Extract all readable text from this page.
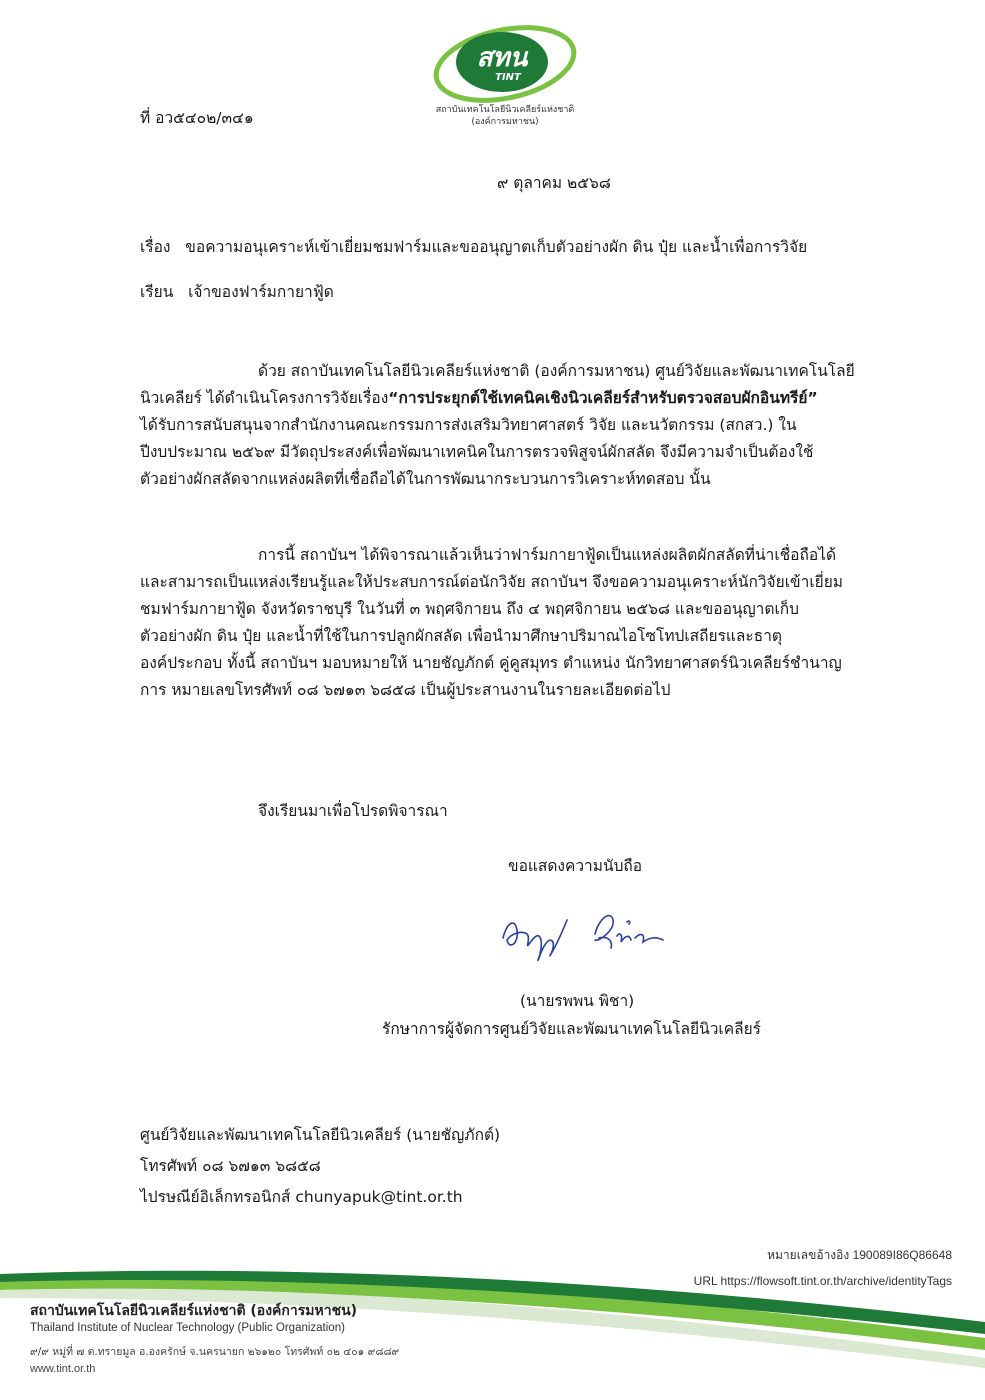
สทน
TINT
สถาบันเทคโนโลยีนิวเคลียร์แห่งชาติ
(องค์การมหาชน)
ที่ อว๕๔๐๒/๓๔๑
๙ ตุลาคม ๒๕๖๘
เรื่อง ขอความอนุเคราะห์เข้าเยี่ยมชมฟาร์มและขออนุญาตเก็บตัวอย่างผัก ดิน ปุ๋ย และน้ำเพื่อการวิจัย
เรียน เจ้าของฟาร์มกายาฟู้ด
ด้วย สถาบันเทคโนโลยีนิวเคลียร์แห่งชาติ (องค์การมหาชน) ศูนย์วิจัยและพัฒนาเทคโนโลยี
นิวเคลียร์ ได้ดำเนินโครงการวิจัยเรื่อง“การประยุกต์ใช้เทคนิคเชิงนิวเคลียร์สำหรับตรวจสอบผักอินทรีย์”
ได้รับการสนับสนุนจากสำนักงานคณะกรรมการส่งเสริมวิทยาศาสตร์ วิจัย และนวัตกรรม (สกสว.) ใน
ปีงบประมาณ ๒๕๖๙ มีวัตถุประสงค์เพื่อพัฒนาเทคนิคในการตรวจพิสูจน์ผักสลัด จึงมีความจำเป็นต้องใช้
ตัวอย่างผักสลัดจากแหล่งผลิตที่เชื่อถือได้ในการพัฒนากระบวนการวิเคราะห์ทดสอบ นั้น
การนี้ สถาบันฯ ได้พิจารณาแล้วเห็นว่าฟาร์มกายาฟู้ดเป็นแหล่งผลิตผักสลัดที่น่าเชื่อถือได้
และสามารถเป็นแหล่งเรียนรู้และให้ประสบการณ์ต่อนักวิจัย สถาบันฯ จึงขอความอนุเคราะห์นักวิจัยเข้าเยี่ยม
ชมฟาร์มกายาฟู้ด จังหวัดราชบุรี ในวันที่ ๓ พฤศจิกายน ถึง ๔ พฤศจิกายน ๒๕๖๘ และขออนุญาตเก็บ
ตัวอย่างผัก ดิน ปุ๋ย และน้ำที่ใช้ในการปลูกผักสลัด เพื่อนำมาศึกษาปริมาณไอโซโทปเสถียรและธาตุ
องค์ประกอบ ทั้งนี้ สถาบันฯ มอบหมายให้ นายชัญภักต์ คู่คูสมุทร ตำแหน่ง นักวิทยาศาสตร์นิวเคลียร์ชำนาญ
การ หมายเลขโทรศัพท์ ๐๘ ๖๗๑๓ ๖๘๕๘ เป็นผู้ประสานงานในรายละเอียดต่อไป
จึงเรียนมาเพื่อโปรดพิจารณา
ขอแสดงความนับถือ
(นายรพพน พิชา)
รักษาการผู้จัดการศูนย์วิจัยและพัฒนาเทคโนโลยีนิวเคลียร์
ศูนย์วิจัยและพัฒนาเทคโนโลยีนิวเคลียร์ (นายชัญภักต์)
โทรศัพท์ ๐๘ ๖๗๑๓ ๖๘๕๘
ไปรษณีย์อิเล็กทรอนิกส์ chunyapuk@tint.or.th
หมายเลขอ้างอิง 190089I86Q86648
URL https://flowsoft.tint.or.th/archive/identityTags
สถาบันเทคโนโลยีนิวเคลียร์แห่งชาติ (องค์การมหาชน)
Thailand Institute of Nuclear Technology (Public Organization)
๙/๙ หมู่ที่ ๗ ต.ทรายมูล อ.องครักษ์ จ.นครนายก ๒๖๑๒๐ โทรศัพท์ ๐๒ ๔๐๑ ๙๘๘๙
www.tint.or.th
